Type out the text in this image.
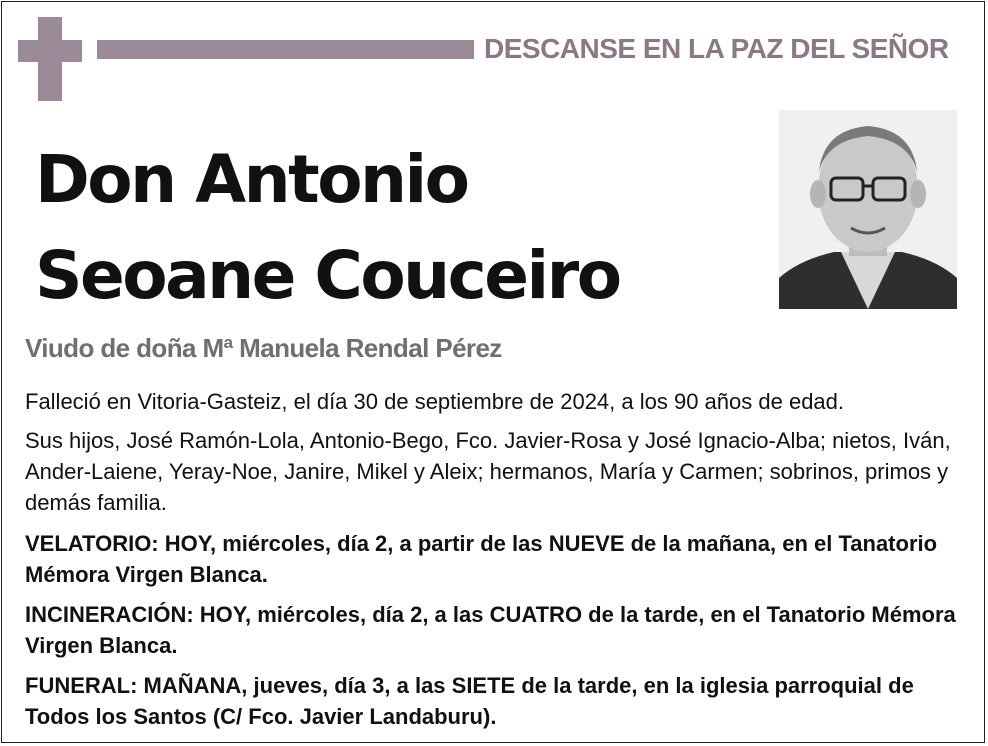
DESCANSE EN LA PAZ DEL SEÑOR
Don Antonio
Seoane Couceiro
Viudo de doña Mª Manuela Rendal Pérez
Falleció en Vitoria-Gasteiz, el día 30 de septiembre de 2024, a los 90 años de edad.
Sus hijos, José Ramón-Lola, Antonio-Bego, Fco. Javier-Rosa y José Ignacio-Alba; nietos, Iván, Ander-Laiene, Yeray-Noe, Janire, Mikel y Aleix; hermanos, María y Carmen; sobrinos, primos y demás familia.
VELATORIO: HOY, miércoles, día 2, a partir de las NUEVE de la mañana, en el Tanatorio Mémora Virgen Blanca.
INCINERACIÓN: HOY, miércoles, día 2, a las CUATRO de la tarde, en el Tanatorio Mémora Virgen Blanca.
FUNERAL: MAÑANA, jueves, día 3, a las SIETE de la tarde, en la iglesia parroquial de Todos los Santos (C/ Fco. Javier Landaburu).
